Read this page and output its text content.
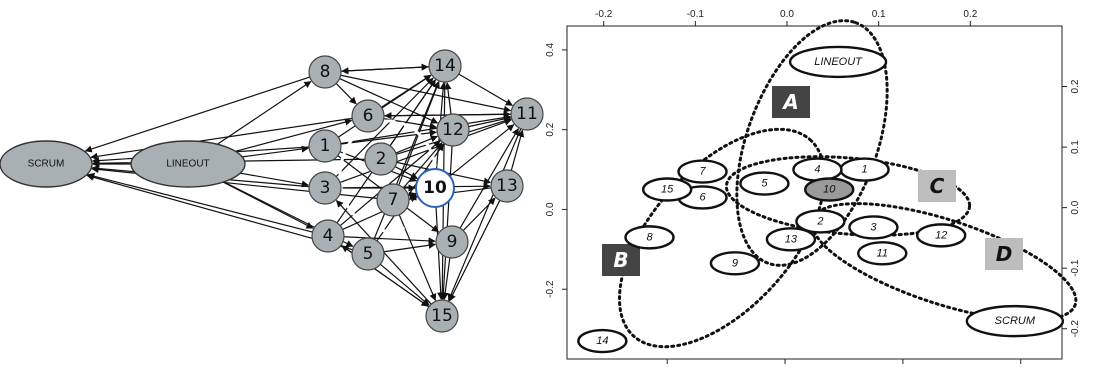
SCRUM	LINEOUT
1
2
3
4
5
6
7
8
9
10
11
12
13
14
15
-0.2	-0.1	0.0	0.1	0.2
-0.2
0.0
0.2
0.4
-0.2
-0.1
0.0
0.1
0.2
A
B
C
D
LINEOUT
SCRUM
1
2	3
4
5
6
7
8
9
10
11
12
13
14
15
